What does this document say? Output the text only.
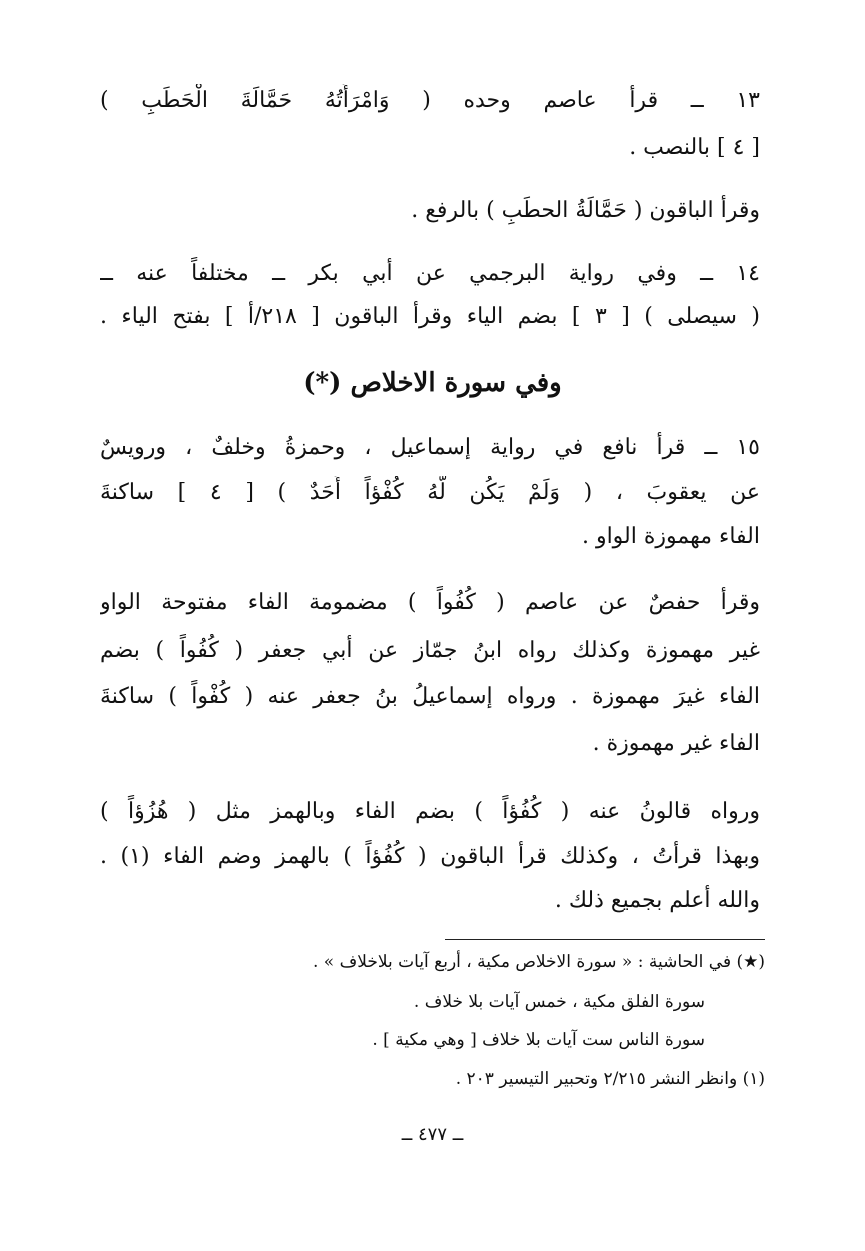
١٣ ــ قرأ عاصم وحده ( وَامْرَأَتُهُ حَمَّالَةَ الْحَطَبِ )
[ ٤ ] بالنصب .
وقرأ الباقون ( حَمَّالَةُ الحطَبِ ) بالرفع .
١٤ ــ وفي رواية البرجمي عن أبي بكر ــ مختلفاً عنه ــ
( سيصلى ) [ ٣ ] بضم الياء وقرأ الباقون [ ٢١٨/أ ] بفتح الياء .
وفي سورة الاخلاص (*)
١٥ ــ قرأ نافع في رواية إسماعيل ، وحمزةُ وخلفٌ ، ورويسٌ
عن يعقوبَ ، ( وَلَمْ يَكُن لَّهُ كُفْؤاً أَحَدٌ ) [ ٤ ] ساكنةَ
الفاء مهموزة الواو .
وقرأ حفصٌ عن عاصم ( كُفُواً ) مضمومة الفاء مفتوحة الواو
غير مهموزة وكذلك رواه ابنُ جمّاز عن أبي جعفر ( كُفُواً ) بضم
الفاء غيرَ مهموزة . ورواه إسماعيلُ بنُ جعفر عنه ( كُفْواً ) ساكنةَ
الفاء غير مهموزة .
ورواه قالونُ عنه ( كُفُؤاً ) بضم الفاء وبالهمز مثل ( هُزُؤاً )
وبهذا قرأتُ ، وكذلك قرأ الباقون ( كُفُؤاً ) بالهمز وضم الفاء (١) .
والله أعلم بجميع ذلك .
(★) في الحاشية : « سورة الاخلاص مكية ، أربع آيات بلاخلاف » .
سورة الفلق مكية ، خمس آيات بلا خلاف .
سورة الناس ست آيات بلا خلاف [ وهي مكية ] .
(١) وانظر النشر ٢/٢١٥ وتحبير التيسير ٢٠٣ .
ــ ٤٧٧ ــ
